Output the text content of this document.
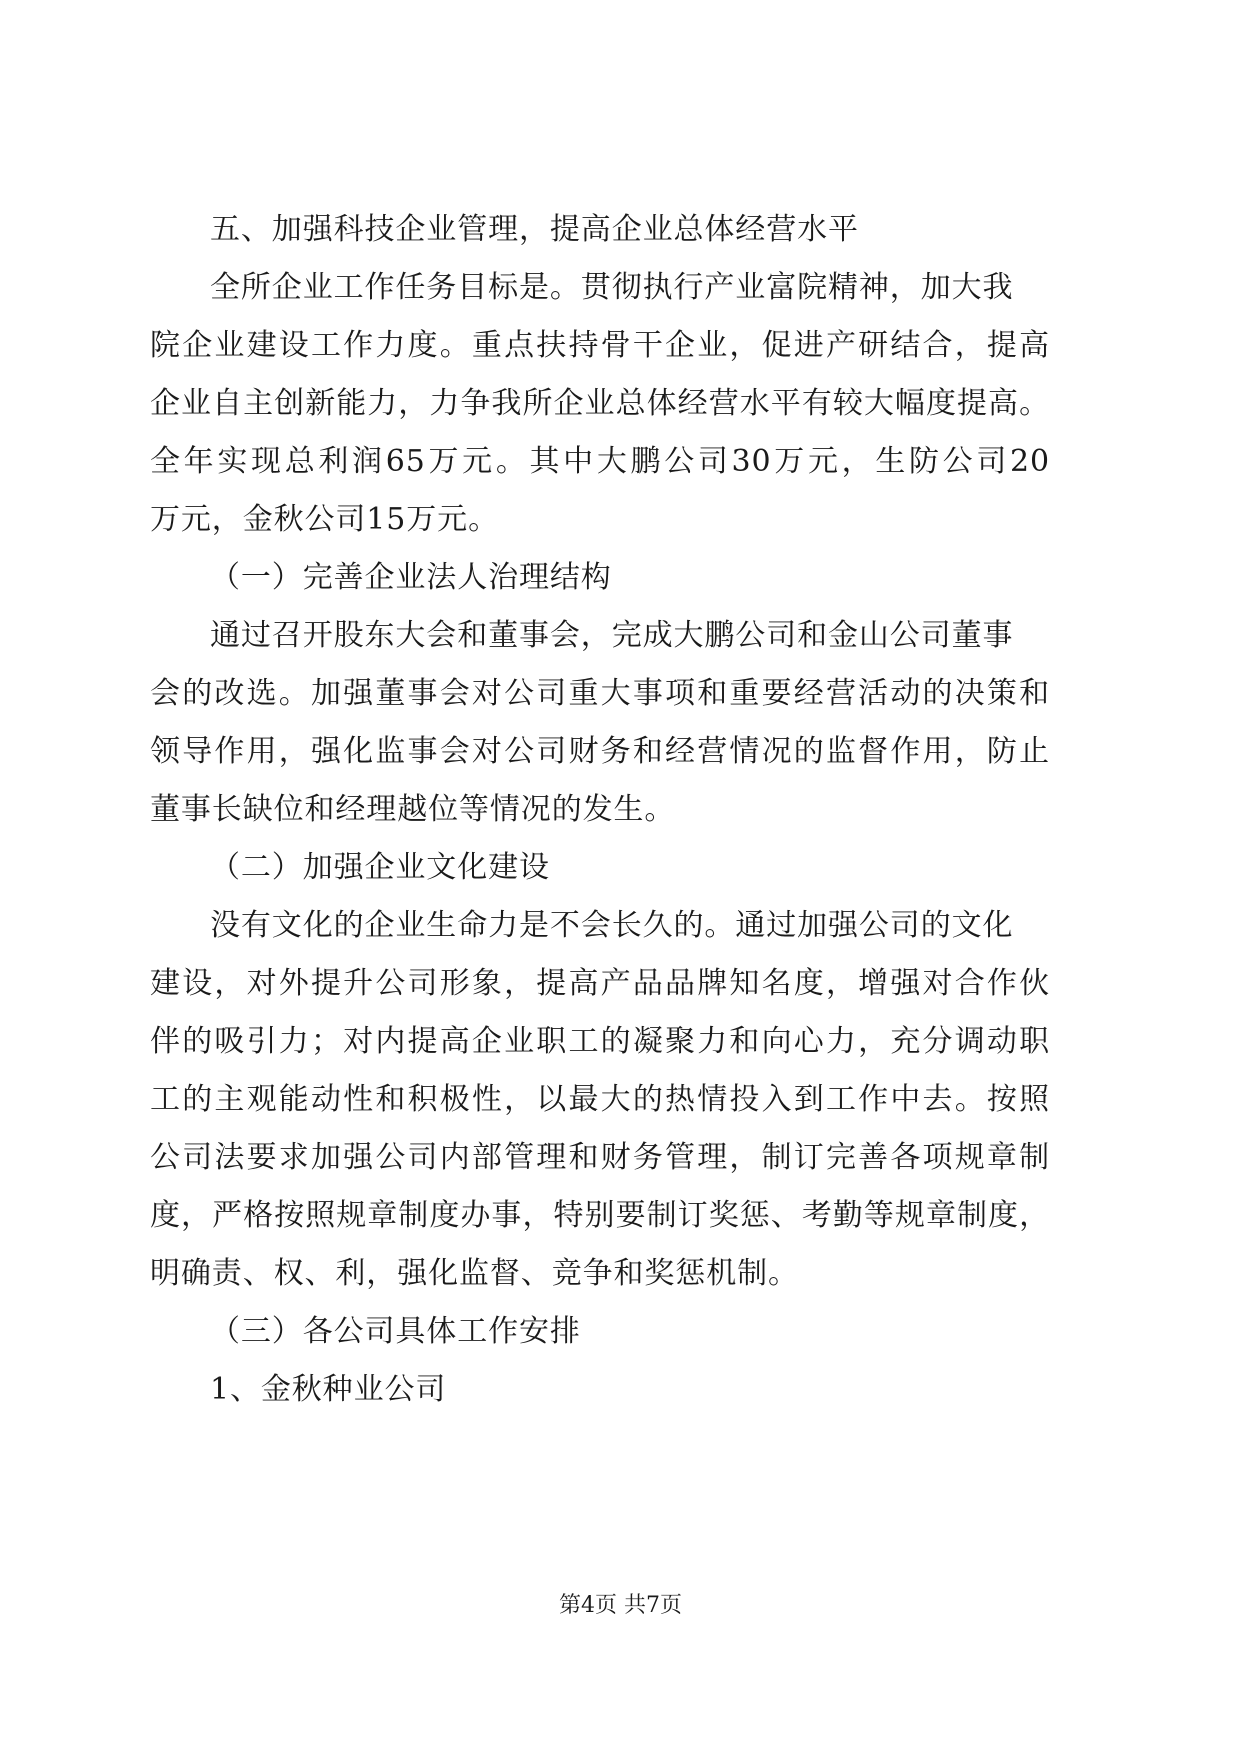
五、加强科技企业管理，提高企业总体经营水平
全所企业工作任务目标是。贯彻执行产业富院精神，加大我
院企业建设工作力度。重点扶持骨干企业，促进产研结合，提高
企业自主创新能力，力争我所企业总体经营水平有较大幅度提高。
全年实现总利润65万元。其中大鹏公司30万元，生防公司20
万元，金秋公司15万元。
（一）完善企业法人治理结构
通过召开股东大会和董事会，完成大鹏公司和金山公司董事
会的改选。加强董事会对公司重大事项和重要经营活动的决策和
领导作用，强化监事会对公司财务和经营情况的监督作用，防止
董事长缺位和经理越位等情况的发生。
（二）加强企业文化建设
没有文化的企业生命力是不会长久的。通过加强公司的文化
建设，对外提升公司形象，提高产品品牌知名度，增强对合作伙
伴的吸引力；对内提高企业职工的凝聚力和向心力，充分调动职
工的主观能动性和积极性，以最大的热情投入到工作中去。按照
公司法要求加强公司内部管理和财务管理，制订完善各项规章制
度，严格按照规章制度办事，特别要制订奖惩、考勤等规章制度，
明确责、权、利，强化监督、竞争和奖惩机制。
（三）各公司具体工作安排
1、金秋种业公司
第4页 共7页
